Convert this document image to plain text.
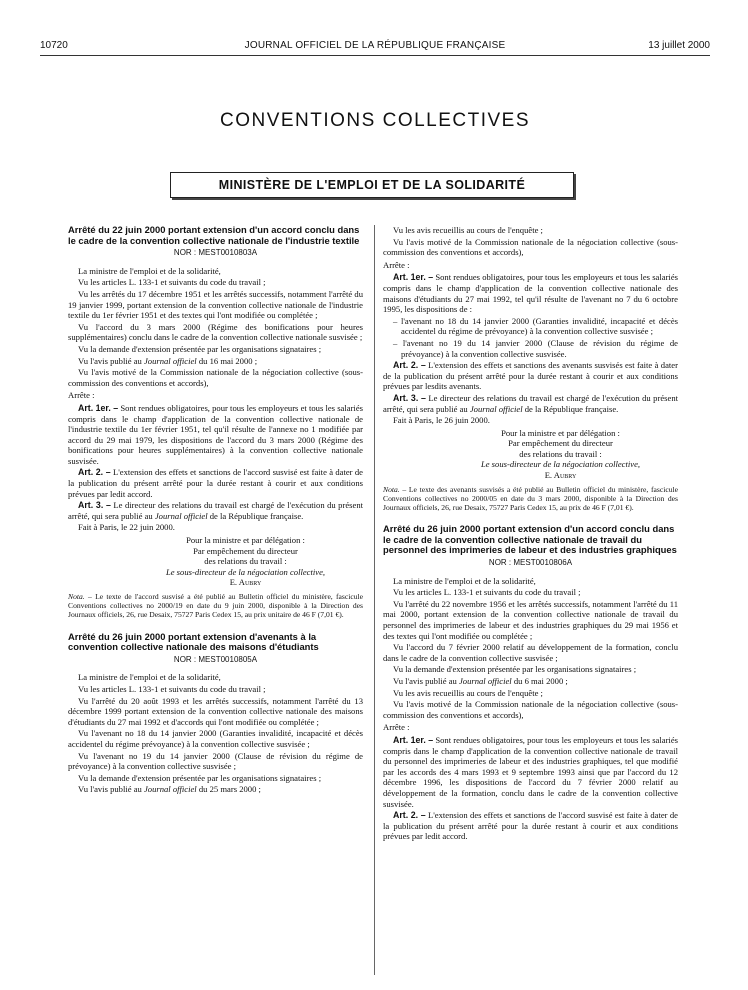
10720	JOURNAL OFFICIEL DE LA RÉPUBLIQUE FRANÇAISE	13 juillet 2000
CONVENTIONS COLLECTIVES
MINISTÈRE DE L'EMPLOI ET DE LA SOLIDARITÉ
Arrêté du 22 juin 2000 portant extension d'un accord conclu dans le cadre de la convention collective nationale de l'industrie textile
NOR : MESТ0010803A

La ministre de l'emploi et de la solidarité,

Vu les articles L. 133-1 et suivants du code du travail ;

Vu les arrêtés du 17 décembre 1951 et les arrêtés successifs, notamment l'arrêté du 19 janvier 1999, portant extension de la convention collective nationale de l'industrie textile du 1er février 1951 et des textes qui l'ont modifiée ou complétée ;

Vu l'accord du 3 mars 2000 (Régime des bonifications pour heures supplémentaires) conclu dans le cadre de la convention collective nationale susvisée ;

Vu la demande d'extension présentée par les organisations signataires ;

Vu l'avis publié au Journal officiel du 16 mai 2000 ;

Vu l'avis motivé de la Commission nationale de la négociation collective (sous-commission des conventions et accords),

Arrête :

Art. 1er. – Sont rendues obligatoires, pour tous les employeurs et tous les salariés compris dans le champ d'application de la convention collective nationale de l'industrie textile du 1er février 1951, tel qu'il résulte de l'annexe no 1 modifiée par accord du 29 mai 1979, les dispositions de l'accord du 3 mars 2000 (Régime des bonifications pour heures supplémentaires) à la convention collective nationale susvisée.

Art. 2. – L'extension des effets et sanctions de l'accord susvisé est faite à dater de la publication du présent arrêté pour la durée restant à courir et aux conditions prévues par ledit accord.

Art. 3. – Le directeur des relations du travail est chargé de l'exécution du présent arrêté, qui sera publié au Journal officiel de la République française.

Fait à Paris, le 22 juin 2000.

Pour la ministre et par délégation :
Par empêchement du directeur
des relations du travail :
Le sous-directeur de la négociation collective,
E. Aubry
Nota. – Le texte de l'accord susvisé a été publié au Bulletin officiel du ministère, fascicule Conventions collectives no 2000/19 en date du 9 juin 2000, disponible à la Direction des Journaux officiels, 26, rue Desaix, 75727 Paris Cedex 15, au prix unitaire de 46 F (7,01 €).
Arrêté du 26 juin 2000 portant extension d'avenants à la convention collective nationale des maisons d'étudiants
NOR : MESТ0010805A

La ministre de l'emploi et de la solidarité,

Vu les articles L. 133-1 et suivants du code du travail ;

Vu l'arrêté du 20 août 1993 et les arrêtés successifs, notamment l'arrêté du 13 décembre 1999 portant extension de la convention collective nationale des maisons d'étudiants du 27 mai 1992 et d'accords qui l'ont modifiée ou complétée ;

Vu l'avenant no 18 du 14 janvier 2000 (Garanties invalidité, incapacité et décès accidentel du régime prévoyance) à la convention collective susvisée ;

Vu l'avenant no 19 du 14 janvier 2000 (Clause de révision du régime de prévoyance) à la convention collective susvisée ;

Vu la demande d'extension présentée par les organisations signataires ;

Vu l'avis publié au Journal officiel du 25 mars 2000 ;

Vu les avis recueillis au cours de l'enquête ;

Vu l'avis motivé de la Commission nationale de la négociation collective (sous-commission des conventions et accords),

Arrête :

Art. 1er. – Sont rendues obligatoires, pour tous les employeurs et tous les salariés compris dans le champ d'application de la convention collective nationale des maisons d'étudiants du 27 mai 1992, tel qu'il résulte de l'avenant no 7 du 6 octobre 1995, les dispositions de :

– l'avenant no 18 du 14 janvier 2000 (Garanties invalidité, incapacité et décès accidentel du régime de prévoyance) à la convention collective susvisée ;

– l'avenant no 19 du 14 janvier 2000 (Clause de révision du régime de prévoyance) à la convention collective susvisée.

Art. 2. – L'extension des effets et sanctions des avenants susvisés est faite à dater de la publication du présent arrêté pour la durée restant à courir et aux conditions prévues par lesdits avenants.

Art. 3. – Le directeur des relations du travail est chargé de l'exécution du présent arrêté, qui sera publié au Journal officiel de la République française.

Fait à Paris, le 26 juin 2000.

Pour la ministre et par délégation :
Par empêchement du directeur
des relations du travail :
Le sous-directeur de la négociation collective,
E. Aubry
Nota. – Le texte des avenants susvisés a été publié au Bulletin officiel du ministère, fascicule Conventions collectives no 2000/05 en date du 3 mars 2000, disponible à la Direction des Journaux officiels, 26, rue Desaix, 75727 Paris Cedex 15, au prix de 46 F (7,01 €).
Arrêté du 26 juin 2000 portant extension d'un accord conclu dans le cadre de la convention collective nationale de travail du personnel des imprimeries de labeur et des industries graphiques
NOR : MESТ0010806A

La ministre de l'emploi et de la solidarité,

Vu les articles L. 133-1 et suivants du code du travail ;

Vu l'arrêté du 22 novembre 1956 et les arrêtés successifs, notamment l'arrêté du 11 mai 2000, portant extension de la convention collective nationale de travail du personnel des imprimeries de labeur et des industries graphiques du 29 mai 1956 et des textes qui l'ont modifiée ou complétée ;

Vu l'accord du 7 février 2000 relatif au développement de la formation, conclu dans le cadre de la convention collective susvisée ;

Vu la demande d'extension présentée par les organisations signataires ;

Vu l'avis publié au Journal officiel du 6 mai 2000 ;

Vu les avis recueillis au cours de l'enquête ;

Vu l'avis motivé de la Commission nationale de la négociation collective (sous-commission des conventions et accords),

Arrête :

Art. 1er. – Sont rendues obligatoires, pour tous les employeurs et tous les salariés compris dans le champ d'application de la convention collective nationale de travail du personnel des imprimeries de labeur et des industries graphiques, tel que modifié par les accords des 4 mars 1993 et 9 septembre 1993 ainsi que par l'accord du 12 décembre 1996, les dispositions de l'accord du 7 février 2000 relatif au développement de la formation, conclu dans le cadre de la convention collective susvisée.

Art. 2. – L'extension des effets et sanctions de l'accord susvisé est faite à dater de la publication du présent arrêté pour la durée restant à courir et aux conditions prévues par ledit accord.
